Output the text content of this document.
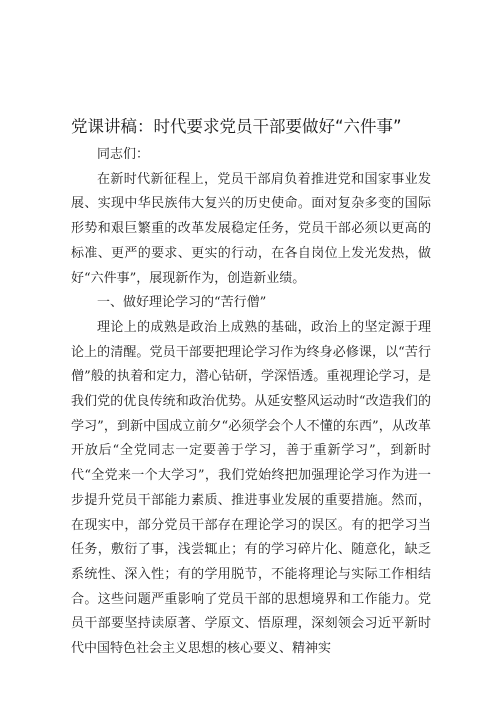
党课讲稿：时代要求党员干部要做好“六件事”

同志们：

在新时代新征程上，党员干部肩负着推进党和国家事业发展、实现中华民族伟大复兴的历史使命。面对复杂多变的国际形势和艰巨繁重的改革发展稳定任务，党员干部必须以更高的标准、更严的要求、更实的行动，在各自岗位上发光发热，做好“六件事”，展现新作为，创造新业绩。

一、做好理论学习的“苦行僧”

理论上的成熟是政治上成熟的基础，政治上的坚定源于理论上的清醒。党员干部要把理论学习作为终身必修课，以“苦行僧”般的执着和定力，潜心钻研，学深悟透。重视理论学习，是我们党的优良传统和政治优势。从延安整风运动时“改造我们的学习”，到新中国成立前夕“必须学会个人不懂的东西”，从改革开放后“全党同志一定要善于学习，善于重新学习”，到新时代“全党来一个大学习”，我们党始终把加强理论学习作为进一步提升党员干部能力素质、推进事业发展的重要措施。然而，在现实中，部分党员干部存在理论学习的误区。有的把学习当任务，敷衍了事，浅尝辄止；有的学习碎片化、随意化，缺乏系统性、深入性；有的学用脱节，不能将理论与实际工作相结合。这些问题严重影响了党员干部的思想境界和工作能力。党员干部要坚持读原著、学原文、悟原理，深刻领会习近平新时代中国特色社会主义思想的核心要义、精神实
